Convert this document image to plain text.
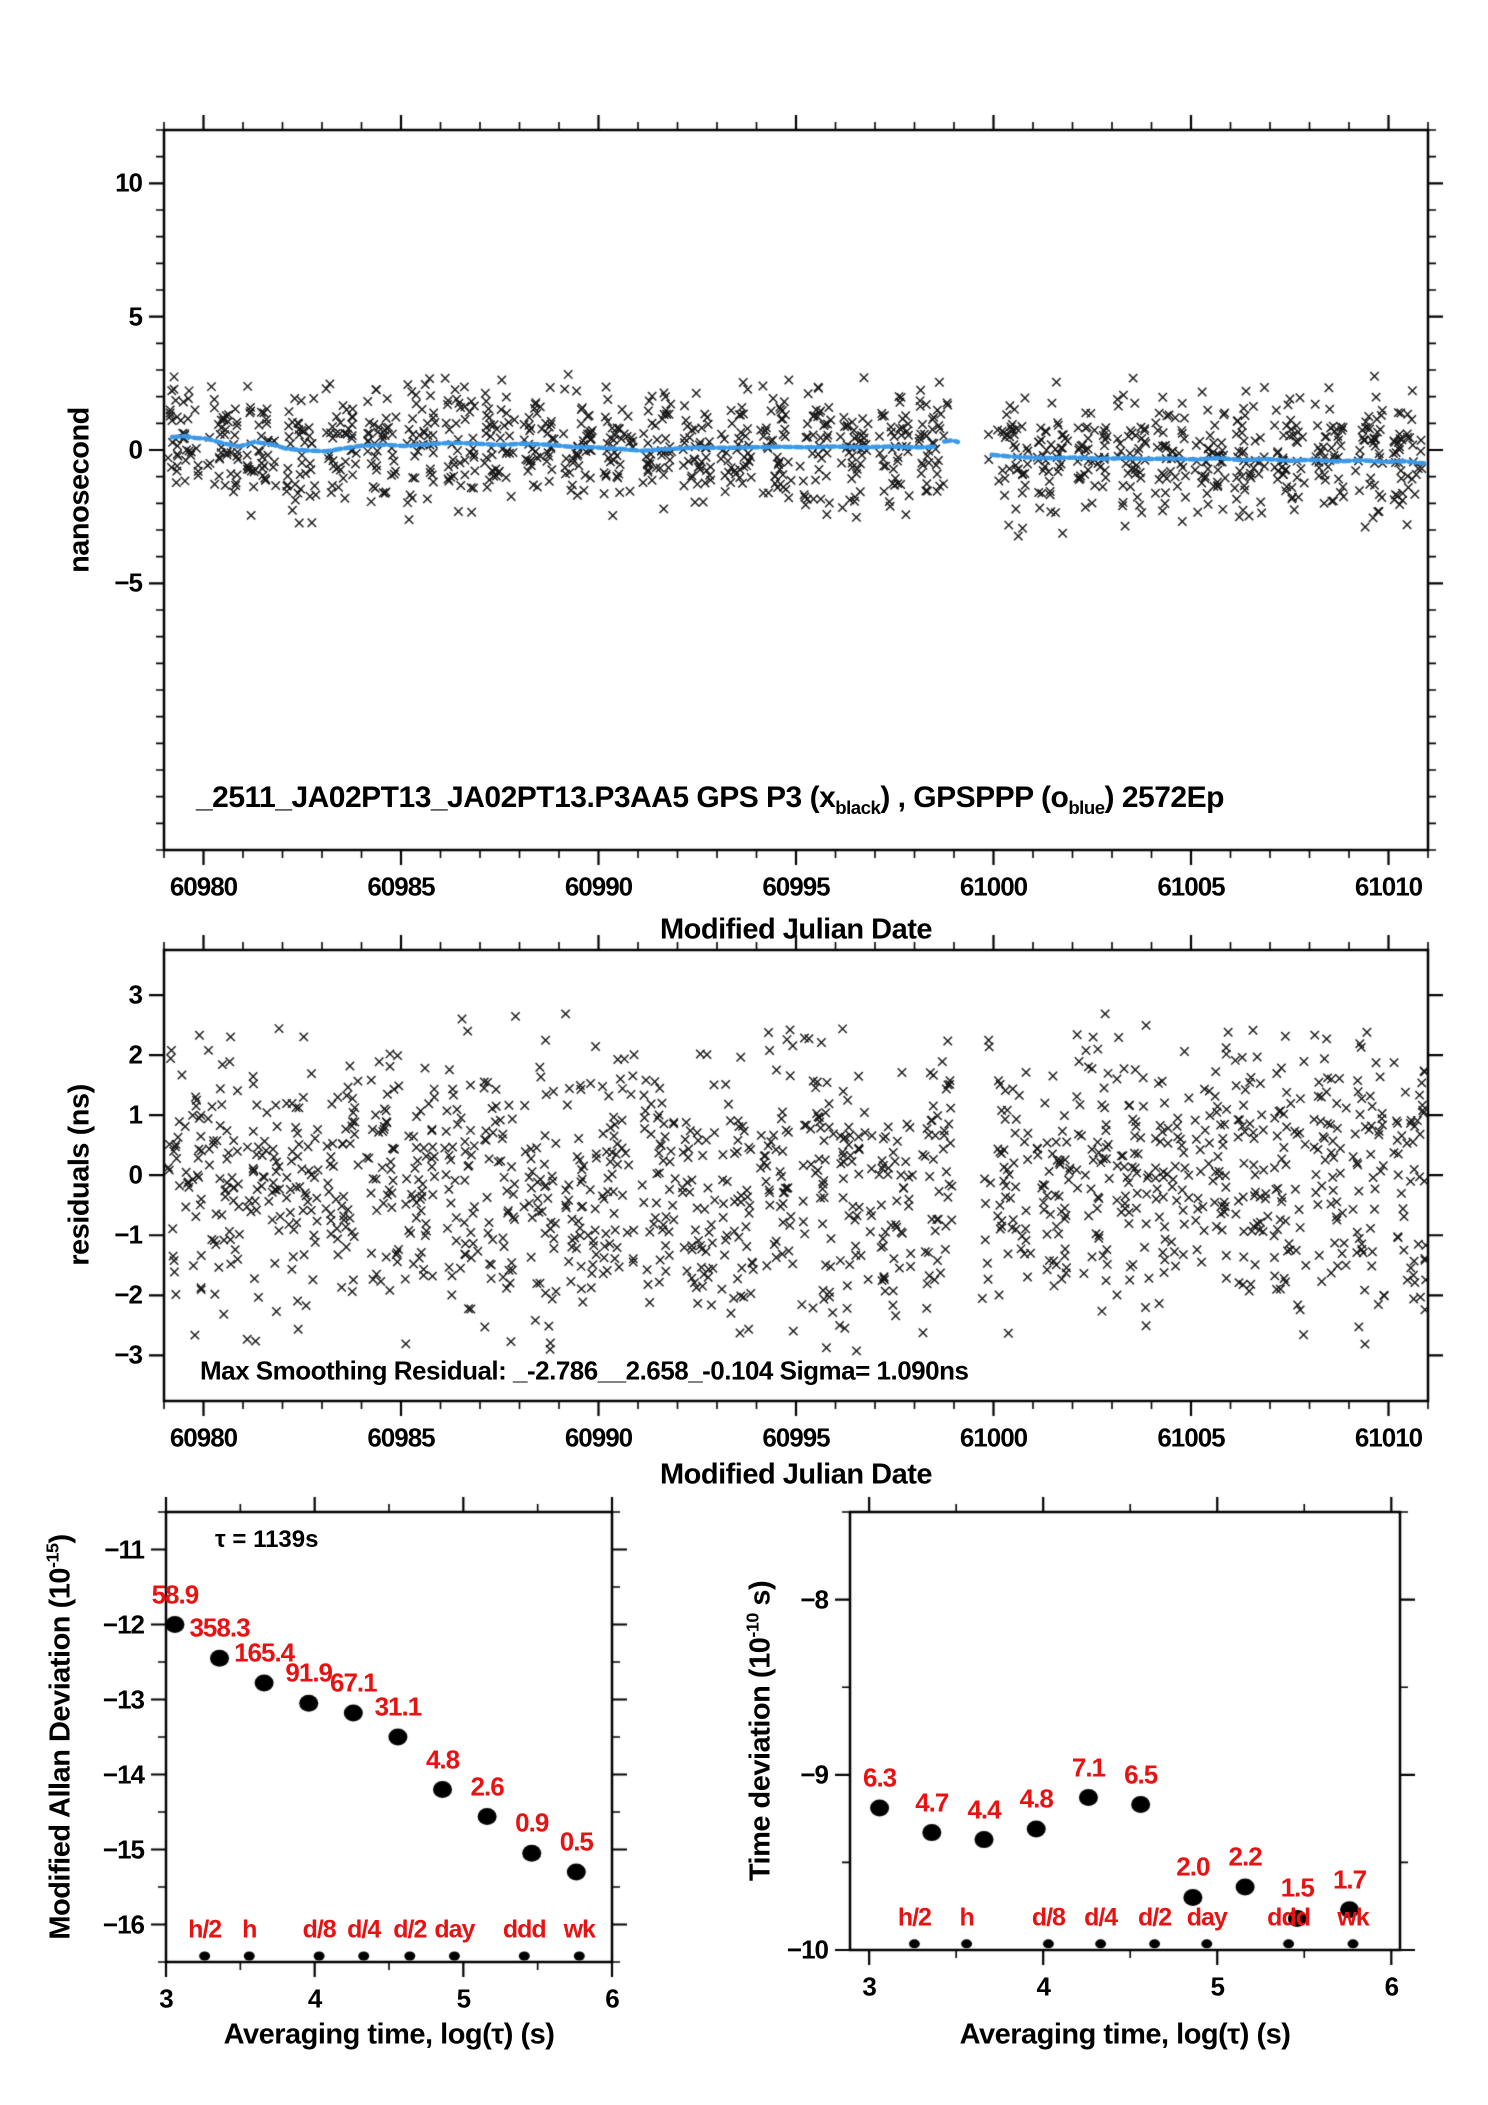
_2511_JA02PT13_JA02PT13.P3AA5 GPS P3 $(x_{black})$ , GPSPPP $(o_{blue})$ 2572Ep
nanosecond
Modified Julian Date
Max Smoothing Residual: _-2.786__2.658_-0.104 Sigma= 1.090ns
residuals (ns)
Modified Julian Date
τ = 1139s
Modified Allan Deviation $(10^{-15})$
Averaging time, log(τ) (s)
Time deviation ($10^{-10}$ s)
Averaging time, log(τ) (s)
60980	60985	60990	60995	61000	61005	61010
10
5
0
−5
60980	60985	60990	60995	61000	61005	61010
3
2
1
0
−1
−2
−3
3	4	5	6
−11
−12
−13
−14
−15
−16
58.9
358.3
165.4
91.9
67.1
31.1
4.8
2.6
0.9
0.5
h/2 h d/8 d/4 d/2 day ddd wk
3	4	5	6
−8
−9
−10
6.3
4.7 4.4 4.8
7.1 6.5
2.0 2.2
1.5 1.7
h/2 h d/8 d/4 d/2 day ddd wk
